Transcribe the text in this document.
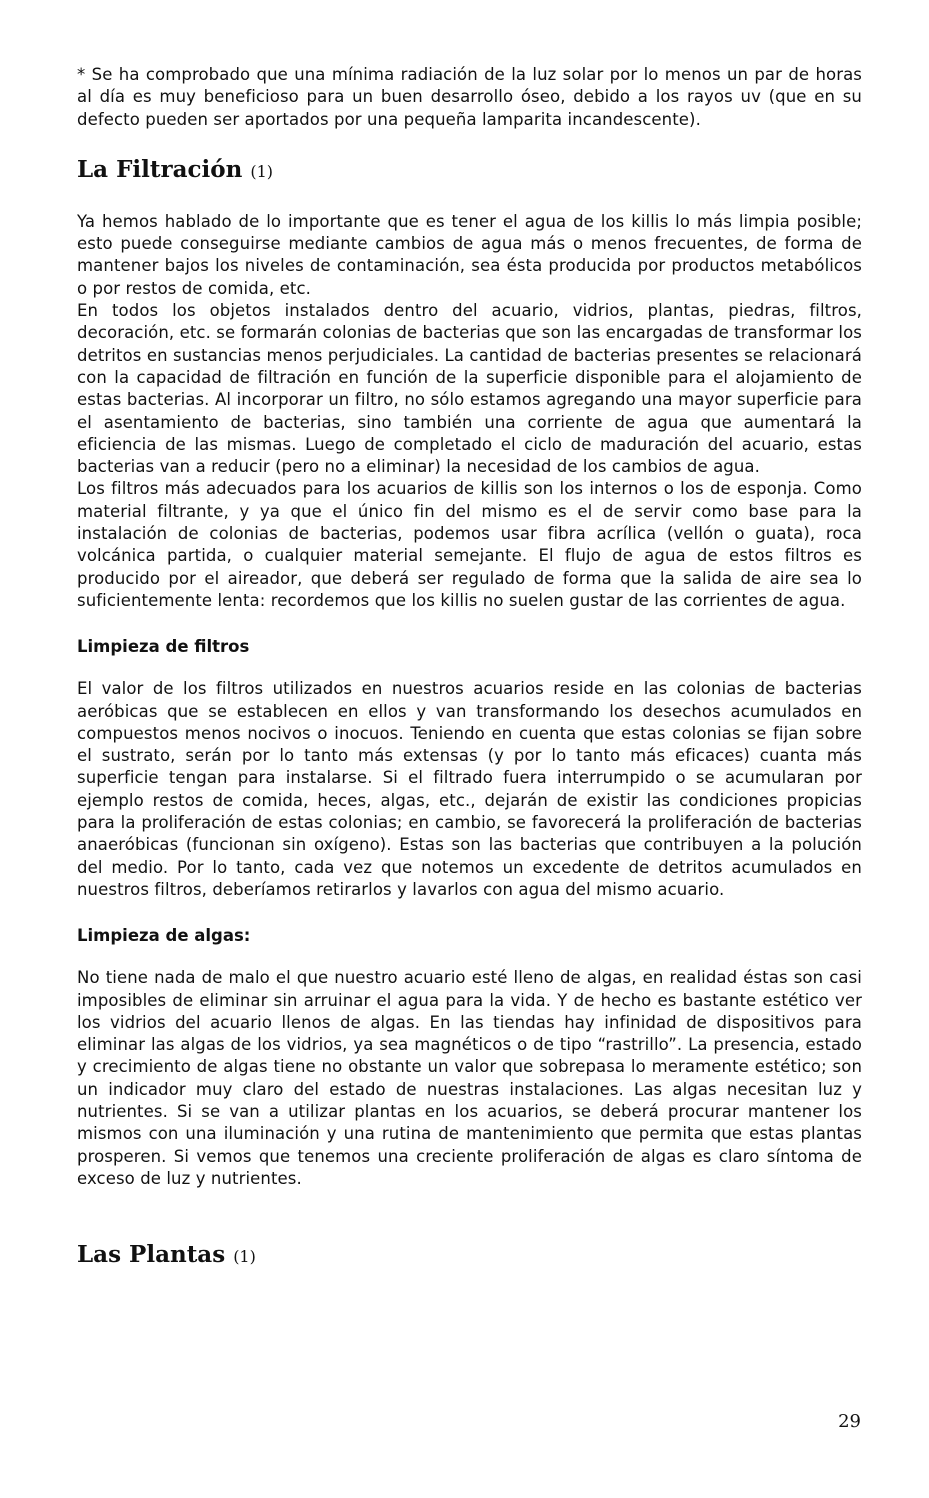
* Se ha comprobado que una mínima radiación de la luz solar por lo menos un par de horas al día es muy beneficioso para un buen desarrollo óseo, debido a los rayos uv (que en su defecto pueden ser aportados por una pequeña lamparita incandescente).

La Filtración (1)

Ya hemos hablado de lo importante que es tener el agua de los killis lo más limpia posible; esto puede conseguirse mediante cambios de agua más o menos frecuentes, de forma de mantener bajos los niveles de contaminación, sea ésta producida por productos metabólicos o por restos de comida, etc.

En todos los objetos instalados dentro del acuario, vidrios, plantas, piedras, filtros, decoración, etc. se formarán colonias de bacterias que son las encargadas de transformar los detritos en sustancias menos perjudiciales. La cantidad de bacterias presentes se relacionará con la capacidad de filtración en función de la superficie disponible para el alojamiento de estas bacterias. Al incorporar un filtro, no sólo estamos agregando una mayor superficie para el asentamiento de bacterias, sino también una corriente de agua que aumentará la eficiencia de las mismas. Luego de completado el ciclo de maduración del acuario, estas bacterias van a reducir (pero no a eliminar) la necesidad de los cambios de agua.

Los filtros más adecuados para los acuarios de killis son los internos o los de esponja. Como material filtrante, y ya que el único fin del mismo es el de servir como base para la instalación de colonias de bacterias, podemos usar fibra acrílica (vellón o guata), roca volcánica partida, o cualquier material semejante. El flujo de agua de estos filtros es producido por el aireador, que deberá ser regulado de forma que la salida de aire sea lo suficientemente lenta: recordemos que los killis no suelen gustar de las corrientes de agua.

Limpieza de filtros

El valor de los filtros utilizados en nuestros acuarios reside en las colonias de bacterias aeróbicas que se establecen en ellos y van transformando los desechos acumulados en compuestos menos nocivos o inocuos. Teniendo en cuenta que estas colonias se fijan sobre el sustrato, serán por lo tanto más extensas (y por lo tanto más eficaces) cuanta más superficie tengan para instalarse. Si el filtrado fuera interrumpido o se acumularan por ejemplo restos de comida, heces, algas, etc., dejarán de existir las condiciones propicias para la proliferación de estas colonias; en cambio, se favorecerá la proliferación de bacterias anaeróbicas (funcionan sin oxígeno). Estas son las bacterias que contribuyen a la polución del medio. Por lo tanto, cada vez que notemos un excedente de detritos acumulados en nuestros filtros, deberíamos retirarlos y lavarlos con agua del mismo acuario.

Limpieza de algas:

No tiene nada de malo el que nuestro acuario esté lleno de algas, en realidad éstas son casi imposibles de eliminar sin arruinar el agua para la vida. Y de hecho es bastante estético ver los vidrios del acuario llenos de algas. En las tiendas hay infinidad de dispositivos para eliminar las algas de los vidrios, ya sea magnéticos o de tipo “rastrillo”. La presencia, estado y crecimiento de algas tiene no obstante un valor que sobrepasa lo meramente estético; son un indicador muy claro del estado de nuestras instalaciones. Las algas necesitan luz y nutrientes. Si se van a utilizar plantas en los acuarios, se deberá procurar mantener los mismos con una iluminación y una rutina de mantenimiento que permita que estas plantas prosperen. Si vemos que tenemos una creciente proliferación de algas es claro síntoma de exceso de luz y nutrientes.

Las Plantas (1)
29
